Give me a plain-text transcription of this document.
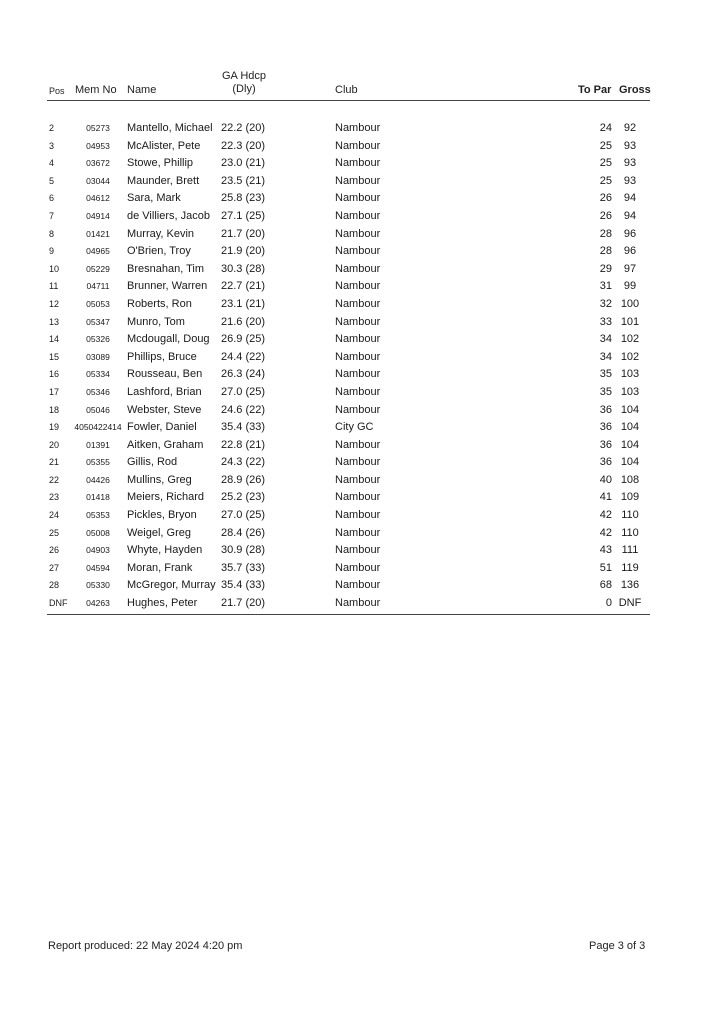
Pos Mem No Name
GA Hdcp
(Dly)	Club	To Par Gross
2	05273	Mantello, Michael 22.2 (20)	Nambour	24	92
3	04953	McAlister, Pete 22.3 (20)	Nambour	25	93
4	03672	Stowe, Phillip	23.0 (21)	Nambour	25	93
5	03044	Maunder, Brett 23.5 (21)	Nambour	25	93
6	04612	Sara, Mark	25.8 (23)	Nambour	26	94
7	04914	de Villiers, Jacob 27.1 (25)	Nambour	26	94
8	01421	Murray, Kevin 21.7 (20)	Nambour	28	96
9	04965	O'Brien, Troy	21.9 (20)	Nambour	28	96
10	05229	Bresnahan, Tim 30.3 (28)	Nambour	29	97
11	04711	Brunner, Warren 22.7 (21)	Nambour	31	99
12	05053	Roberts, Ron	23.1 (21)	Nambour	32 100
13	05347	Munro, Tom	21.6 (20)	Nambour	33 101
14	05326	Mcdougall, Doug 26.9 (25)	Nambour	34 102
15	03089	Phillips, Bruce 24.4 (22)	Nambour	34 102
16	05334	Rousseau, Ben 26.3 (24)	Nambour	35 103
17	05346	Lashford, Brian 27.0 (25)	Nambour	35 103
18	05046	Webster, Steve 24.6 (22)	Nambour	36 104
19 4050422414 Fowler, Daniel 35.4 (33)	City GC	36 104
20	01391	Aitken, Graham 22.8 (21)	Nambour	36 104
21	05355	Gillis, Rod	24.3 (22)	Nambour	36 104
22	04426	Mullins, Greg	28.9 (26)	Nambour	40 108
23	01418	Meiers, Richard 25.2 (23)	Nambour	41 109
24	05353	Pickles, Bryon 27.0 (25)	Nambour	42 110
25	05008	Weigel, Greg	28.4 (26)	Nambour	42 110
26	04903	Whyte, Hayden 30.9 (28)	Nambour	43 111
27	04594	Moran, Frank	35.7 (33)	Nambour	51 119
28	05330	McGregor, Murray 35.4 (33)	Nambour	68 136
DNF	04263	Hughes, Peter 21.7 (20)	Nambour	0 DNF
Report produced: 22 May 2024 4:20 pm	Page 3 of 3
